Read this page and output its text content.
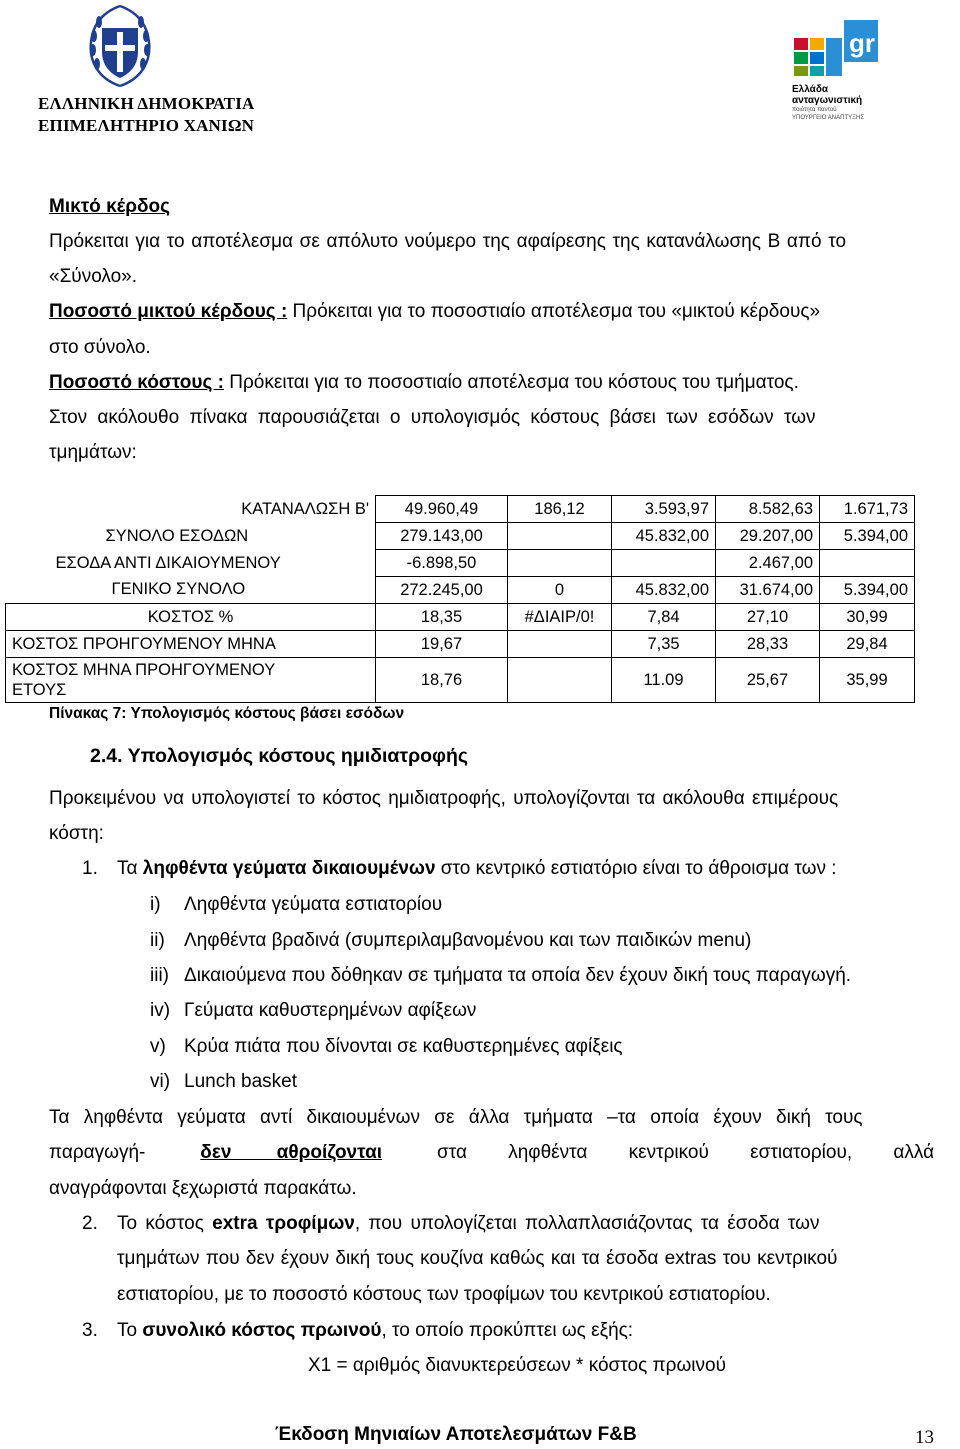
ΕΛΛΗΝΙΚΗ ΔΗΜΟΚΡΑΤΙΑ
ΕΠΙΜΕΛΗΤΗΡΙΟ ΧΑΝΙΩΝ
gr
Ελλάδα
ανταγωνιστική
ποιότητα παντού
ΥΠΟΥΡΓΕΙΟ ΑΝΑΠΤΥΞΗΣ
Μικτό κέρδος
Πρόκειται για το αποτέλεσμα σε απόλυτο νούμερο της αφαίρεσης της κατανάλωσης Β από το
«Σύνολο».
Ποσοστό μικτού κέρδους : Πρόκειται για το ποσοστιαίο αποτέλεσμα του «μικτού κέρδους»
στο σύνολο.
Ποσοστό κόστους : Πρόκειται για το ποσοστιαίο αποτέλεσμα του κόστους του τμήματος.
Στον ακόλουθο πίνακα παρουσιάζεται ο υπολογισμός κόστους βάσει των εσόδων των
τμημάτων:
ΚΑΤΑΝΑΛΩΣΗ Β'	49.960,49	186,12	3.593,97	8.582,63	1.671,73
ΣΥΝΟΛΟ ΕΣΟΔΩΝ	279.143,00		45.832,00	29.207,00	5.394,00
ΕΣΟΔΑ ΑΝΤΙ ΔΙΚΑΙΟΥΜΕΝΟΥ	-6.898,50			2.467,00	
ΓΕΝΙΚΟ ΣΥΝΟΛΟ	272.245,00	0	45.832,00	31.674,00	5.394,00
ΚΟΣΤΟΣ %	18,35	#ΔΙΑΙΡ/0!	7,84	27,10	30,99
ΚΟΣΤΟΣ ΠΡΟΗΓΟΥΜΕΝΟΥ ΜΗΝΑ	19,67		7,35	28,33	29,84

ΚΟΣΤΟΣ ΜΗΝΑ ΠΡΟΗΓΟΥΜΕΝΟΥ
ΕΤΟΥΣ	18,76		11.09	25,67	35,99
Πίνακας 7: Υπολογισμός κόστους βάσει εσόδων
2.4. Υπολογισμός κόστους ημιδιατροφής
Προκειμένου να υπολογιστεί το κόστος ημιδιατροφής, υπολογίζονται τα ακόλουθα επιμέρους
κόστη:
1. Τα ληφθέντα γεύματα δικαιουμένων στο κεντρικό εστιατόριο είναι το άθροισμα των :
i) Ληφθέντα γεύματα εστιατορίου
ii) Ληφθέντα βραδινά (συμπεριλαμβανομένου και των παιδικών menu)
iii) Δικαιούμενα που δόθηκαν σε τμήματα τα οποία δεν έχουν δική τους παραγωγή.
iv) Γεύματα καθυστερημένων αφίξεων
v) Κρύα πιάτα που δίνονται σε καθυστερημένες αφίξεις
vi) Lunch basket
Τα ληφθέντα γεύματα αντί δικαιουμένων σε άλλα τμήματα –τα οποία έχουν δική τους
παραγωγή-	δεν αθροίζονται	στα ληφθέντα κεντρικού εστιατορίου, αλλά
αναγράφονται ξεχωριστά παρακάτω.
2. Το κόστος extra τροφίμων, που υπολογίζεται πολλαπλασιάζοντας τα έσοδα των
τμημάτων που δεν έχουν δική τους κουζίνα καθώς και τα έσοδα extras του κεντρικού
εστιατορίου, με το ποσοστό κόστους των τροφίμων του κεντρικού εστιατορίου.
3. Το συνολικό κόστος πρωινού, το οποίο προκύπτει ως εξής:
Χ1 = αριθμός διανυκτερεύσεων * κόστος πρωινού
Έκδοση Μηνιαίων Αποτελεσμάτων F&B	13
